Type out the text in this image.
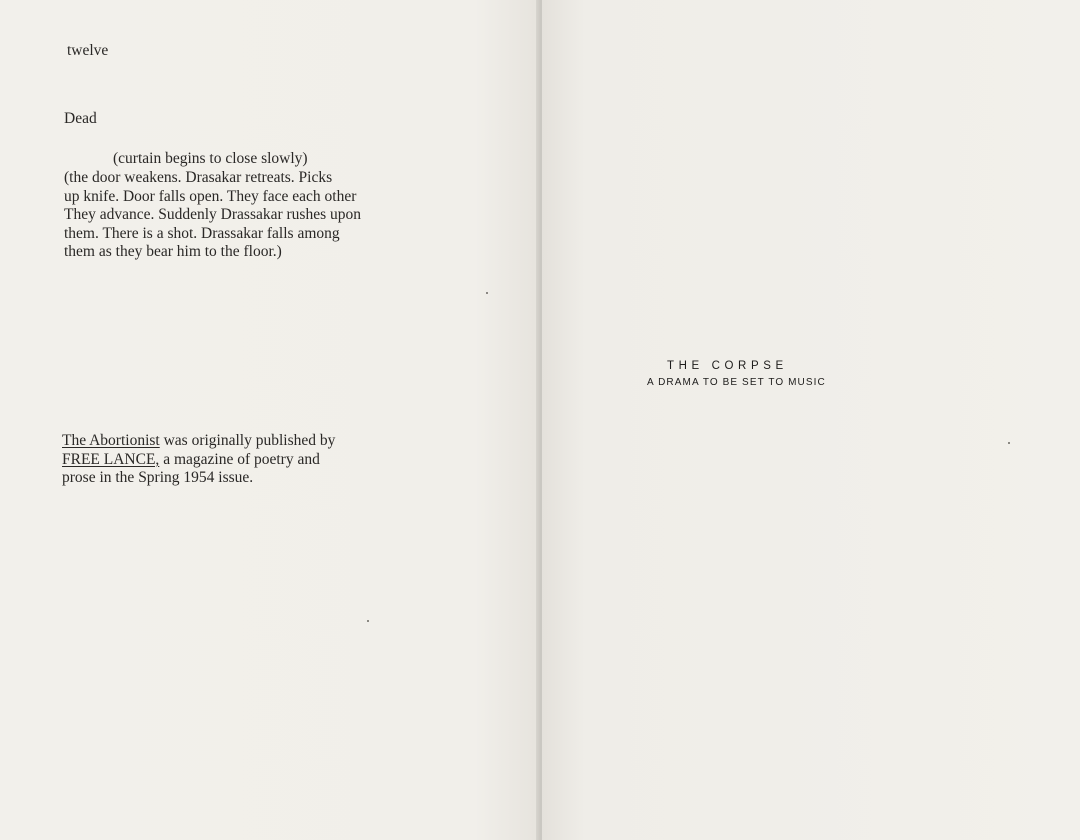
twelve
Dead
(curtain begins to close slowly)
(the door weakens. Drasakar retreats. Picks
up knife. Door falls open. They face each other
They advance. Suddenly Drassakar rushes upon
them. There is a shot. Drassakar falls among
them as they bear him to the floor.)
The Abortionist was originally published by
FREE LANCE, a magazine of poetry and
prose in the Spring 1954 issue.
THE CORPSE
A DRAMA TO BE SET TO MUSIC
